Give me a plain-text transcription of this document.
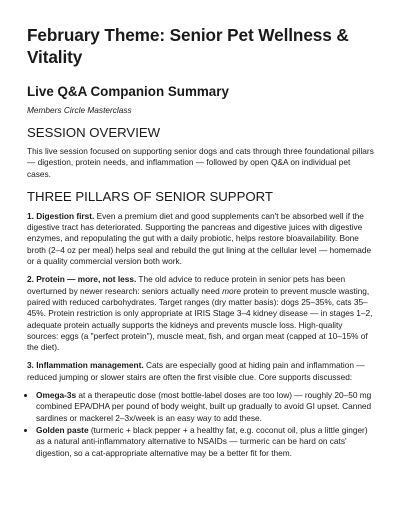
February Theme: Senior Pet Wellness & Vitality
Live Q&A Companion Summary
Members Circle Masterclass
SESSION OVERVIEW

This live session focused on supporting senior dogs and cats through three foundational pillars — digestion, protein needs, and inflammation — followed by open Q&A on individual pet cases.

THREE PILLARS OF SENIOR SUPPORT

1. Digestion first. Even a premium diet and good supplements can't be absorbed well if the digestive tract has deteriorated. Supporting the pancreas and digestive juices with digestive enzymes, and repopulating the gut with a daily probiotic, helps restore bioavailability. Bone broth (2–4 oz per meal) helps seal and rebuild the gut lining at the cellular level — homemade or a quality commercial version both work.

2. Protein — more, not less. The old advice to reduce protein in senior pets has been overturned by newer research: seniors actually need more protein to prevent muscle wasting, paired with reduced carbohydrates. Target ranges (dry matter basis): dogs 25–35%, cats 35–45%. Protein restriction is only appropriate at IRIS Stage 3–4 kidney disease — in stages 1–2, adequate protein actually supports the kidneys and prevents muscle loss. High-quality sources: eggs (a "perfect protein"), muscle meat, fish, and organ meat (capped at 10–15% of the diet).

3. Inflammation management. Cats are especially good at hiding pain and inflammation — reduced jumping or slower stairs are often the first visible clue. Core supports discussed:

• Omega-3s at a therapeutic dose (most bottle-label doses are too low) — roughly 20–50 mg combined EPA/DHA per pound of body weight, built up gradually to avoid GI upset. Canned sardines or mackerel 2–3x/week is an easy way to add these.
• Golden paste (turmeric + black pepper + a healthy fat, e.g. coconut oil, plus a little ginger) as a natural anti-inflammatory alternative to NSAIDs — turmeric can be hard on cats' digestion, so a cat-appropriate alternative may be a better fit for them.
